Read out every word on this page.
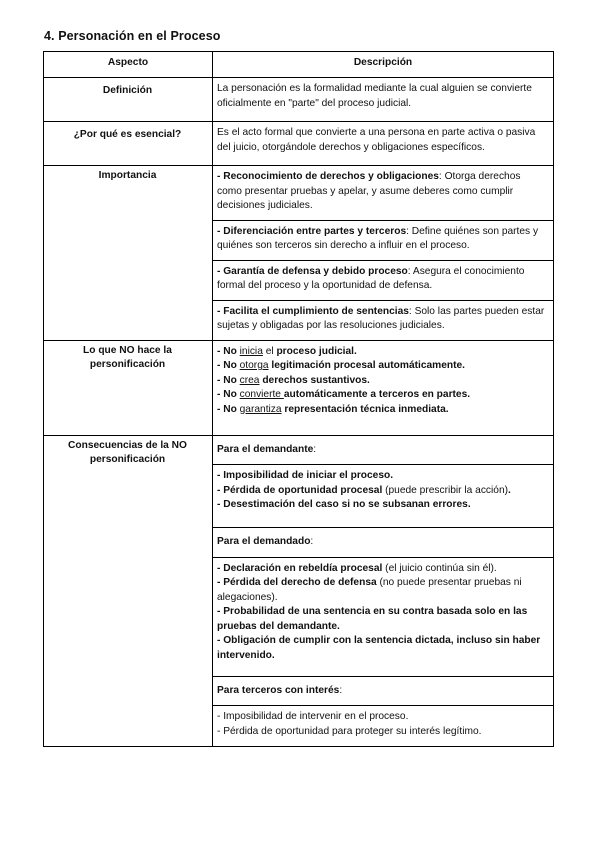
4. Personación en el Proceso
Aspecto	Descripción
Definición	La personación es la formalidad mediante la cual alguien se convierte oficialmente en "parte" del proceso judicial.
¿Por qué es esencial?	Es el acto formal que convierte a una persona en parte activa o pasiva del juicio, otorgándole derechos y obligaciones específicos.
Importancia	- Reconocimiento de derechos y obligaciones: Otorga derechos como presentar pruebas y apelar, y asume deberes como cumplir decisiones judiciales.
	- Diferenciación entre partes y terceros: Define quiénes son partes y quiénes son terceros sin derecho a influir en el proceso.
	- Garantía de defensa y debido proceso: Asegura el conocimiento formal del proceso y la oportunidad de defensa.
	- Facilita el cumplimiento de sentencias: Solo las partes pueden estar sujetas y obligadas por las resoluciones judiciales.
Lo que NO hace la personificación	- No inicia el proceso judicial.
- No otorga legitimación procesal automáticamente.
- No crea derechos sustantivos.
- No convierte automáticamente a terceros en partes.
- No garantiza representación técnica inmediata.

Consecuencias de la NO personificación	Para el demandante:

	- Imposibilidad de iniciar el proceso.
- Pérdida de oportunidad procesal (puede prescribir la acción).
- Desestimación del caso si no se subsanan errores.

	Para el demandado:

	- Declaración en rebeldía procesal (el juicio continúa sin él).
- Pérdida del derecho de defensa (no puede presentar pruebas ni alegaciones).
- Probabilidad de una sentencia en su contra basada solo en las pruebas del demandante.
- Obligación de cumplir con la sentencia dictada, incluso sin haber intervenido.

	Para terceros con interés:

	- Imposibilidad de intervenir en el proceso.
- Pérdida de oportunidad para proteger su interés legítimo.
